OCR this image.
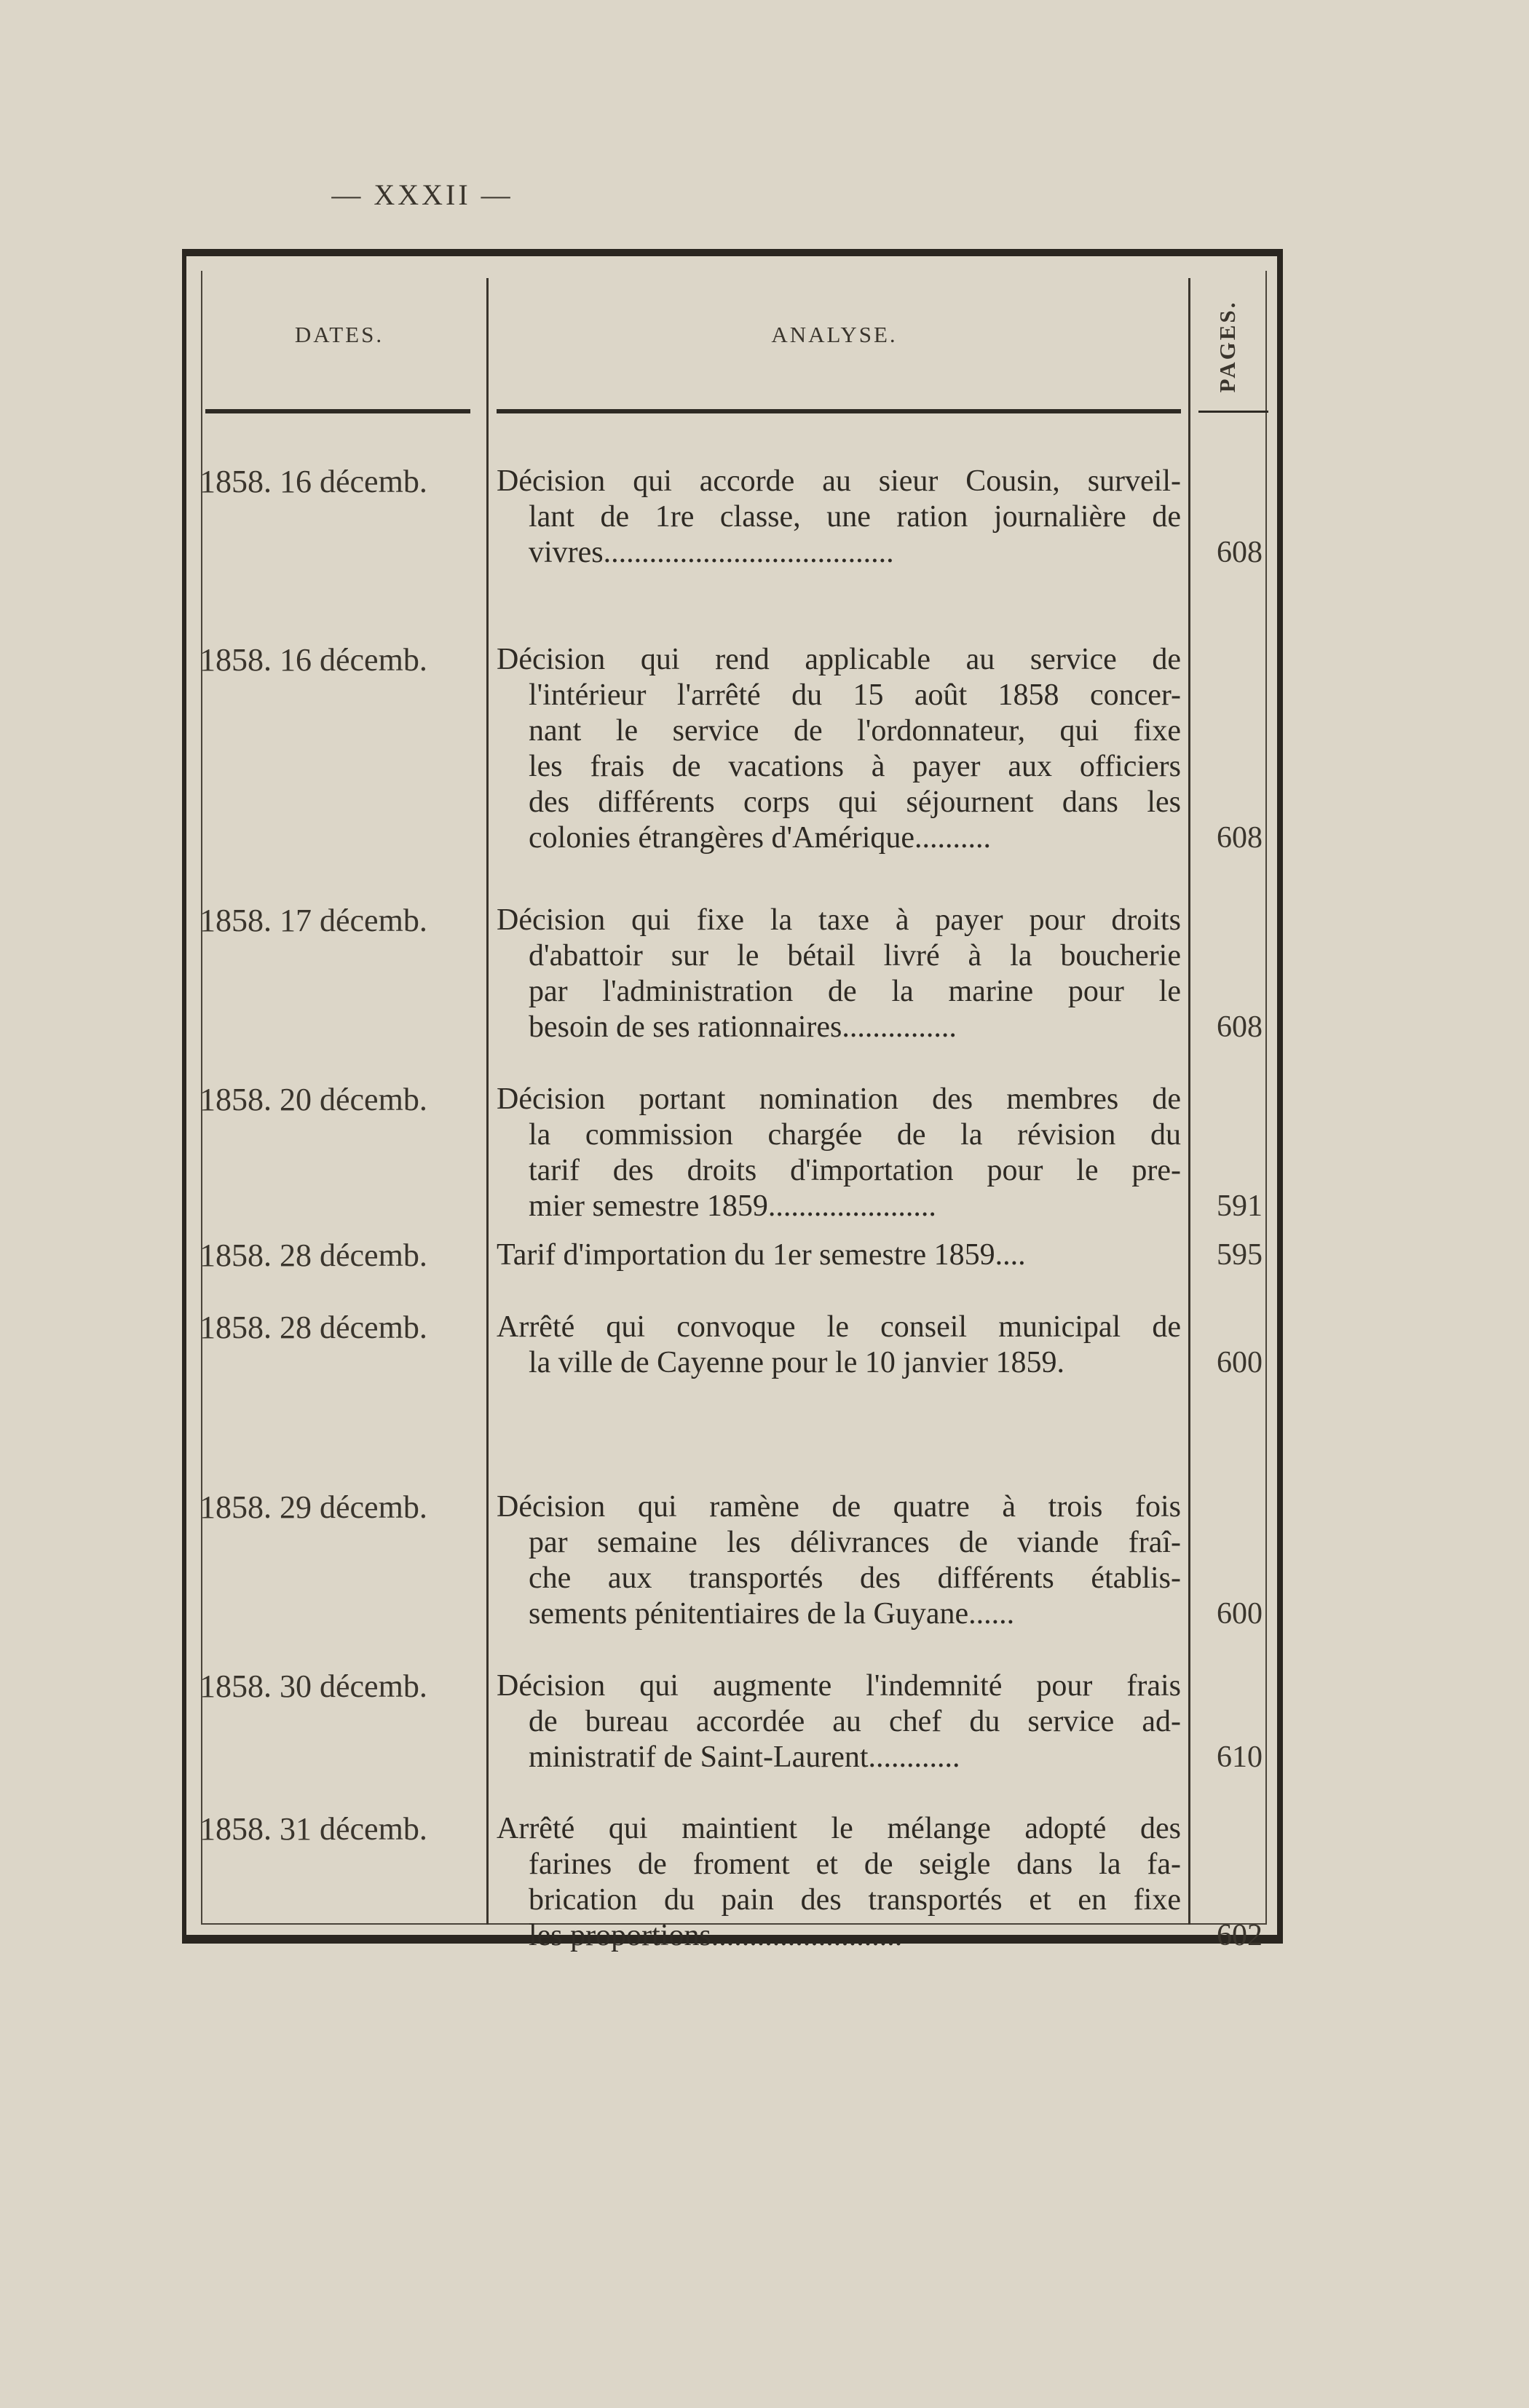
— XXXII —
DATES.	ANALYSE.	PAGES.
1858. 16 décemb.	Décision qui accorde au sieur Cousin, surveil-
lant de 1re classe, une ration journalière de
vivres......................................	608
1858. 16 décemb.	Décision qui rend applicable au service de
l'intérieur l'arrêté du 15 août 1858 concer-
nant le service de l'ordonnateur, qui fixe
les frais de vacations à payer aux officiers
des différents corps qui séjournent dans les
colonies étrangères d'Amérique..........	608
1858. 17 décemb.	Décision qui fixe la taxe à payer pour droits
d'abattoir sur le bétail livré à la boucherie
par l'administration de la marine pour le
besoin de ses rationnaires...............	608
1858. 20 décemb.	Décision portant nomination des membres de
la commission chargée de la révision du
tarif des droits d'importation pour le pre-
mier semestre 1859......................	591
1858. 28 décemb.	Tarif d'importation du 1er semestre 1859....	595
1858. 28 décemb.	Arrêté qui convoque le conseil municipal de
la ville de Cayenne pour le 10 janvier 1859.	600
1858. 29 décemb.	Décision qui ramène de quatre à trois fois
par semaine les délivrances de viande fraî-
che aux transportés des différents établis-
sements pénitentiaires de la Guyane......	600
1858. 30 décemb.	Décision qui augmente l'indemnité pour frais
de bureau accordée au chef du service ad-
ministratif de Saint-Laurent............	610
1858. 31 décemb.	Arrêté qui maintient le mélange adopté des
farines de froment et de seigle dans la fa-
brication du pain des transportés et en fixe
les proportions.........................	602
